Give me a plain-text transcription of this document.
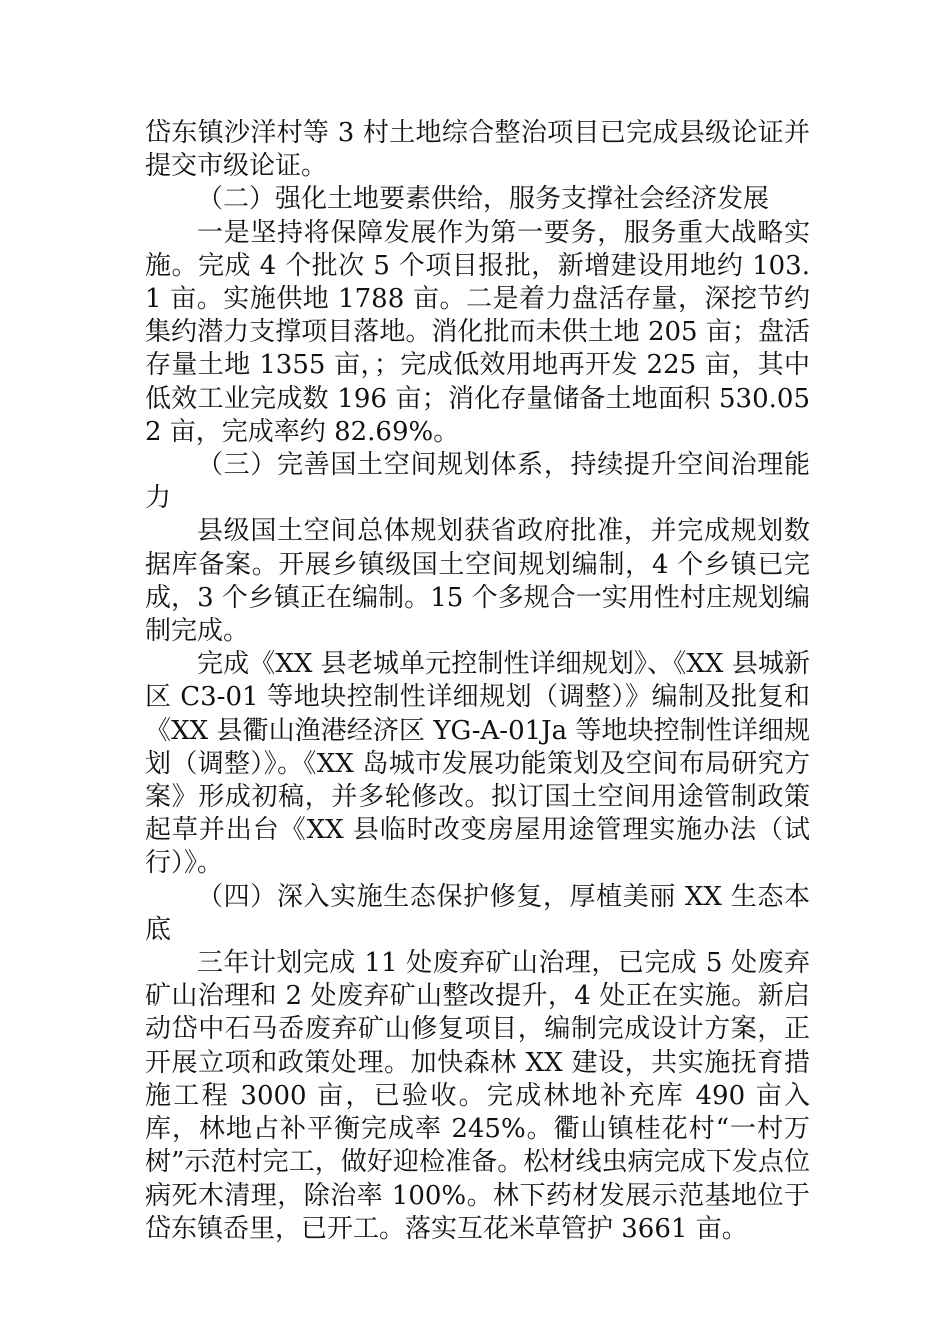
岱东镇沙洋村等 3 村土地综合整治项目已完成县级论证并提交市级论证。

（二）强化土地要素供给，服务支撑社会经济发展

一是坚持将保障发展作为第一要务，服务重大战略实施。完成 4 个批次 5 个项目报批，新增建设用地约 103.1 亩。实施供地 1788 亩。二是着力盘活存量，深挖节约集约潜力支撑项目落地。消化批而未供土地 205 亩；盘活存量土地 1355 亩，；完成低效用地再开发 225 亩，其中低效工业完成数 196 亩；消化存量储备土地面积 530.052 亩，完成率约 82.69%。

（三）完善国土空间规划体系，持续提升空间治理能力

县级国土空间总体规划获省政府批准，并完成规划数据库备案。开展乡镇级国土空间规划编制，4 个乡镇已完成，3 个乡镇正在编制。15 个多规合一实用性村庄规划编制完成。

完成《XX 县老城单元控制性详细规划》、《XX 县城新区 C3-01 等地块控制性详细规划（调整）》编制及批复和《XX 县衢山渔港经济区 YG-A-01Ja 等地块控制性详细规划（调整）》。《XX 岛城市发展功能策划及空间布局研究方案》形成初稿，并多轮修改。拟订国土空间用途管制政策起草并出台《XX 县临时改变房屋用途管理实施办法（试行）》。

（四）深入实施生态保护修复，厚植美丽 XX 生态本底

三年计划完成 11 处废弃矿山治理，已完成 5 处废弃矿山治理和 2 处废弃矿山整改提升，4 处正在实施。新启动岱中石马岙废弃矿山修复项目，编制完成设计方案，正开展立项和政策处理。加快森林 XX 建设，共实施抚育措施工程 3000 亩，已验收。完成林地补充库 490 亩入库，林地占补平衡完成率 245%。衢山镇桂花村“一村万树”示范村完工，做好迎检准备。松材线虫病完成下发点位病死木清理，除治率 100%。林下药材发展示范基地位于岱东镇岙里，已开工。落实互花米草管护 3661 亩。
